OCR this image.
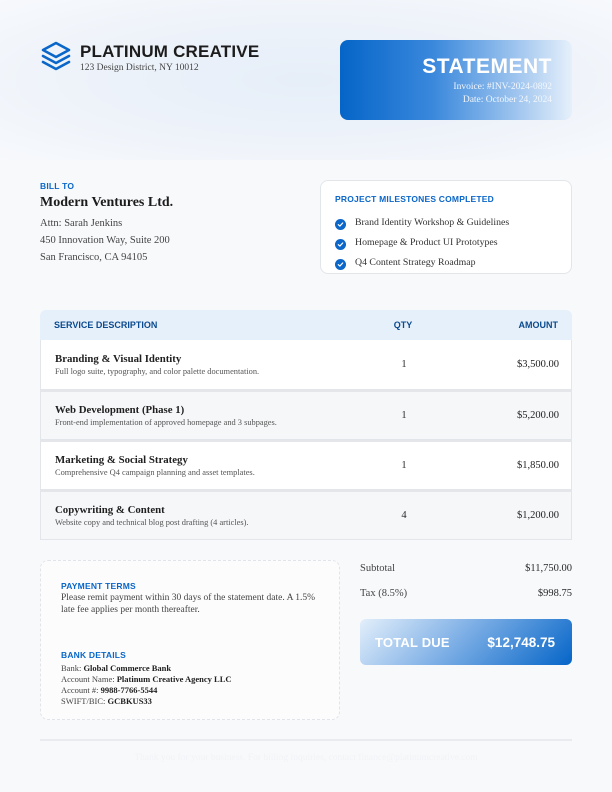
PLATINUM CREATIVE
123 Design District, NY 10012	STATEMENT
Invoice: #INV-2024-0892
Date: October 24, 2024
BILL TO
Modern Ventures Ltd.
Attn: Sarah Jenkins
450 Innovation Way, Suite 200
San Francisco, CA 94105
PROJECT MILESTONES COMPLETED
Brand Identity Workshop & Guidelines
Homepage & Product UI Prototypes
Q4 Content Strategy Roadmap
SERVICE DESCRIPTION	QTY	AMOUNT
Branding & Visual Identity
Full logo suite, typography, and color palette documentation.
1	$3,500.00
Web Development (Phase 1)
Front-end implementation of approved homepage and 3 subpages.
1	$5,200.00
Marketing & Social Strategy
Comprehensive Q4 campaign planning and asset templates.
1	$1,850.00
Copywriting & Content
Website copy and technical blog post drafting (4 articles).
4	$1,200.00
PAYMENT TERMS
Please remit payment within 30 days of the statement date. A 1.5% late fee applies per month thereafter.
BANK DETAILS
Bank: Global Commerce Bank
Account Name: Platinum Creative Agency LLC
Account #: 9988-7766-5544
SWIFT/BIC: GCBKUS33
Subtotal	$11,750.00
Tax (8.5%)	$998.75
TOTAL DUE	$12,748.75
Thank you for your business. For billing inquiries, contact finance@platinumcreative.com
